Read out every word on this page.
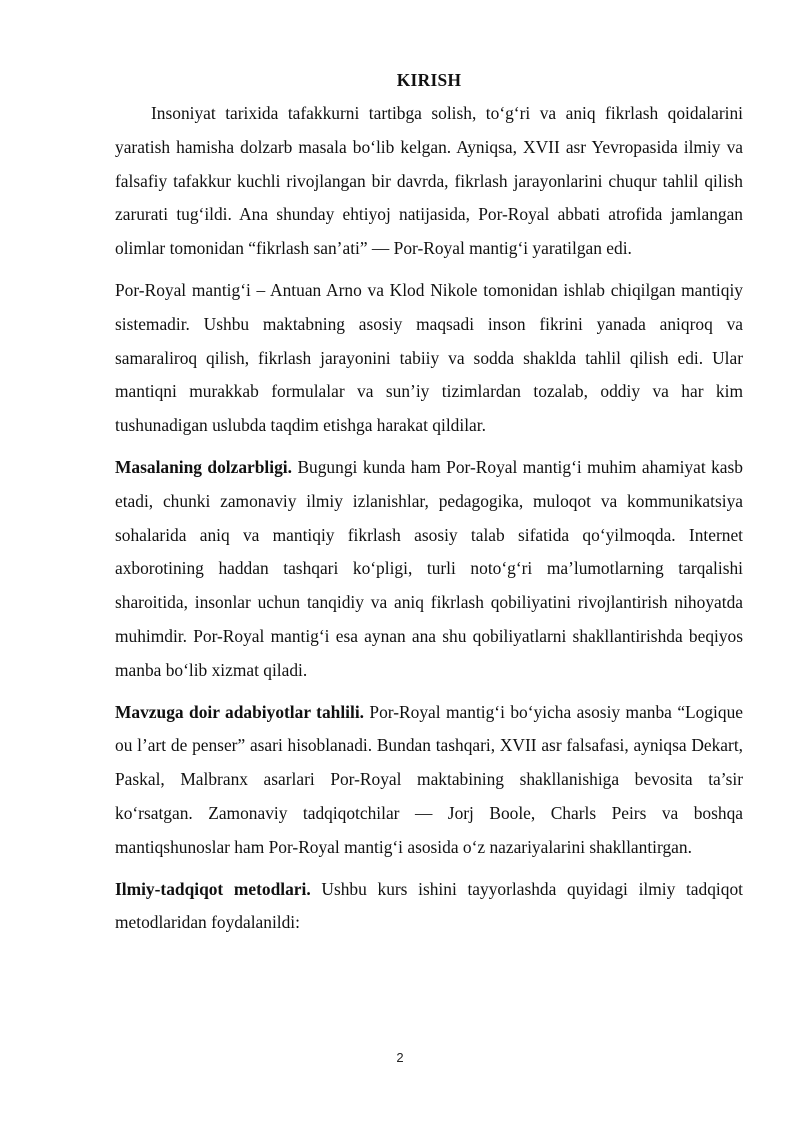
KIRISH

Insoniyat tarixida tafakkurni tartibga solish, to‘g‘ri va aniq fikrlash qoidalarini yaratish hamisha dolzarb masala bo‘lib kelgan. Ayniqsa, XVII asr Yevropasida ilmiy va falsafiy tafakkur kuchli rivojlangan bir davrda, fikrlash jarayonlarini chuqur tahlil qilish zarurati tug‘ildi. Ana shunday ehtiyoj natijasida, Por-Royal abbati atrofida jamlangan olimlar tomonidan “fikrlash san’ati” — Por-Royal mantig‘i yaratilgan edi.

Por-Royal mantig‘i – Antuan Arno va Klod Nikole tomonidan ishlab chiqilgan mantiqiy sistemadir. Ushbu maktabning asosiy maqsadi inson fikrini yanada aniqroq va samaraliroq qilish, fikrlash jarayonini tabiiy va sodda shaklda tahlil qilish edi. Ular mantiqni murakkab formulalar va sun’iy tizimlardan tozalab, oddiy va har kim tushunadigan uslubda taqdim etishga harakat qildilar.

Masalaning dolzarbligi. Bugungi kunda ham Por-Royal mantig‘i muhim ahamiyat kasb etadi, chunki zamonaviy ilmiy izlanishlar, pedagogika, muloqot va kommunikatsiya sohalarida aniq va mantiqiy fikrlash asosiy talab sifatida qo‘yilmoqda. Internet axborotining haddan tashqari ko‘pligi, turli noto‘g‘ri ma’lumotlarning tarqalishi sharoitida, insonlar uchun tanqidiy va aniq fikrlash qobiliyatini rivojlantirish nihoyatda muhimdir. Por-Royal mantig‘i esa aynan ana shu qobiliyatlarni shakllantirishda beqiyos manba bo‘lib xizmat qiladi.

Mavzuga doir adabiyotlar tahlili. Por-Royal mantig‘i bo‘yicha asosiy manba “Logique ou l’art de penser” asari hisoblanadi. Bundan tashqari, XVII asr falsafasi, ayniqsa Dekart, Paskal, Malbranx asarlari Por-Royal maktabining shakllanishiga bevosita ta’sir ko‘rsatgan. Zamonaviy tadqiqotchilar — Jorj Boole, Charls Peirs va boshqa mantiqshunoslar ham Por-Royal mantig‘i asosida o‘z nazariyalarini shakllantirgan.

Ilmiy-tadqiqot metodlari. Ushbu kurs ishini tayyorlashda quyidagi ilmiy tadqiqot metodlaridan foydalanildi:

2
